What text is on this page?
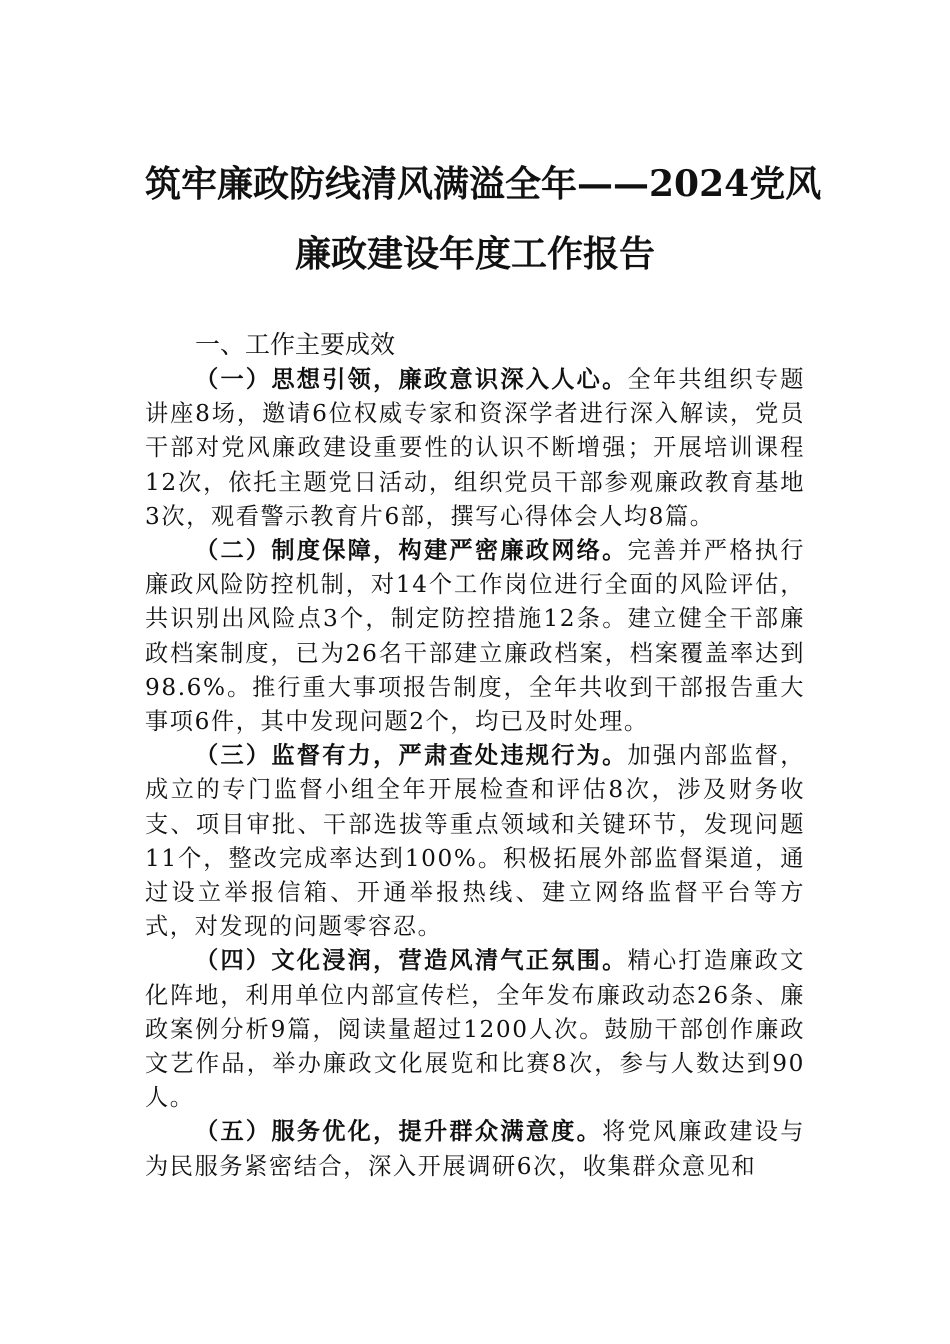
筑牢廉政防线清风满溢全年——2024党风
廉政建设年度工作报告
一、工作主要成效

（一）思想引领，廉政意识深入人心。全年共组织专题讲座8场，邀请6位权威专家和资深学者进行深入解读，党员干部对党风廉政建设重要性的认识不断增强；开展培训课程12次，依托主题党日活动，组织党员干部参观廉政教育基地3次，观看警示教育片6部，撰写心得体会人均8篇。

（二）制度保障，构建严密廉政网络。完善并严格执行廉政风险防控机制，对14个工作岗位进行全面的风险评估，共识别出风险点3个，制定防控措施12条。建立健全干部廉政档案制度，已为26名干部建立廉政档案，档案覆盖率达到98.6%。推行重大事项报告制度，全年共收到干部报告重大事项6件，其中发现问题2个，均已及时处理。

（三）监督有力，严肃查处违规行为。加强内部监督，成立的专门监督小组全年开展检查和评估8次，涉及财务收支、项目审批、干部选拔等重点领域和关键环节，发现问题11个，整改完成率达到100%。积极拓展外部监督渠道，通过设立举报信箱、开通举报热线、建立网络监督平台等方式，对发现的问题零容忍。

（四）文化浸润，营造风清气正氛围。精心打造廉政文化阵地，利用单位内部宣传栏，全年发布廉政动态26条、廉政案例分析9篇，阅读量超过1200人次。鼓励干部创作廉政文艺作品，举办廉政文化展览和比赛8次，参与人数达到90人。

（五）服务优化，提升群众满意度。将党风廉政建设与为民服务紧密结合，深入开展调研6次，收集群众意见和
